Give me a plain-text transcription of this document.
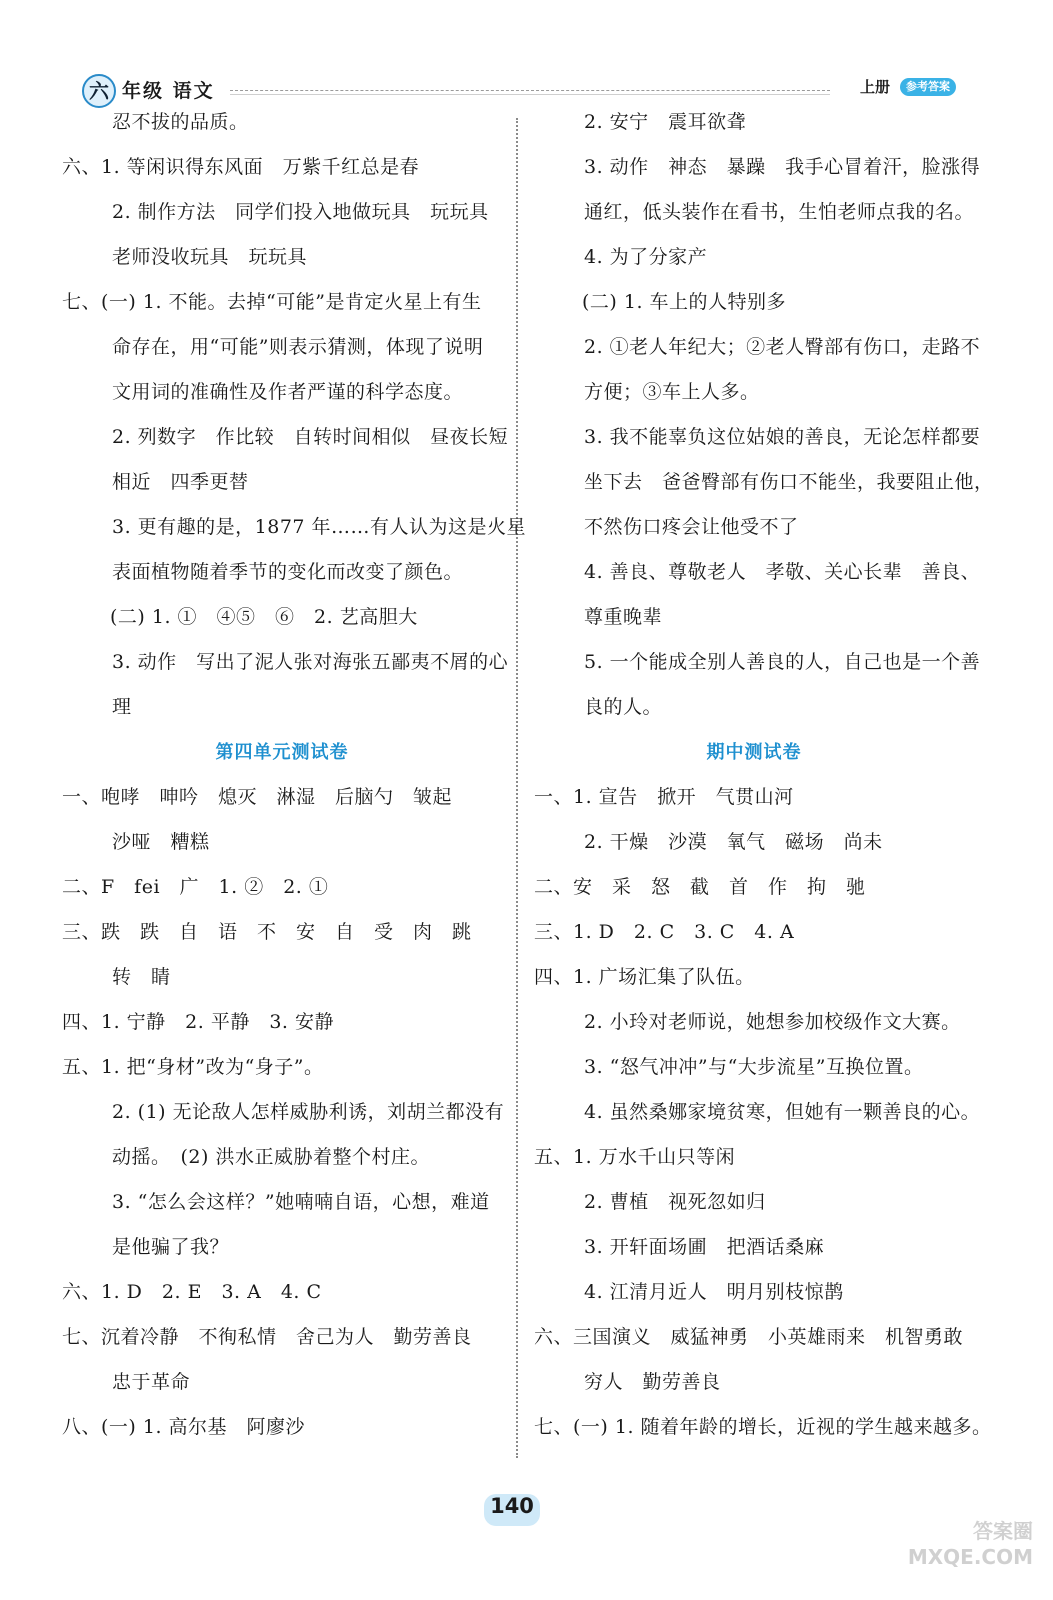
六 年级 语文	上册	参考答案
忍不拔的品质。
六、1. 等闲识得东风面　万紫千红总是春
2. 制作方法　同学们投入地做玩具　玩玩具
老师没收玩具　玩玩具
七、(一) 1. 不能。去掉“可能”是肯定火星上有生
命存在，用“可能”则表示猜测，体现了说明
文用词的准确性及作者严谨的科学态度。
2. 列数字　作比较　自转时间相似　昼夜长短
相近　四季更替
3. 更有趣的是，1877 年……有人认为这是火星
表面植物随着季节的变化而改变了颜色。
(二) 1. ①　④⑤　⑥　2. 艺高胆大
3. 动作　写出了泥人张对海张五鄙夷不屑的心
理
第四单元测试卷
一、咆哮　呻吟　熄灭　淋湿　后脑勺　皱起
沙哑　糟糕
二、F　fei　广　1. ②　2. ①
三、跌　跌　自　语　不　安　自　受　肉　跳
转　睛
四、1. 宁静　2. 平静　3. 安静
五、1. 把“身材”改为“身子”。
2. (1) 无论敌人怎样威胁利诱，刘胡兰都没有
动摇。　(2) 洪水正威胁着整个村庄。
3. “怎么会这样？”她喃喃自语，心想，难道
是他骗了我？
六、1. D　2. E　3. A　4. C
七、沉着冷静　不徇私情　舍己为人　勤劳善良
忠于革命
八、(一) 1. 高尔基　阿廖沙
2. 安宁　震耳欲聋
3. 动作　神态　暴躁　我手心冒着汗，脸涨得
通红，低头装作在看书，生怕老师点我的名。
4. 为了分家产
(二) 1. 车上的人特别多
2. ①老人年纪大；②老人臀部有伤口，走路不
方便；③车上人多。
3. 我不能辜负这位姑娘的善良，无论怎样都要
坐下去　爸爸臀部有伤口不能坐，我要阻止他，
不然伤口疼会让他受不了
4. 善良、尊敬老人　孝敬、关心长辈　善良、
尊重晚辈
5. 一个能成全别人善良的人，自己也是一个善
良的人。
期中测试卷
一、1. 宣告　掀开　气贯山河
2. 干燥　沙漠　氧气　磁场　尚未
二、安　采　怒　截　首　作　拘　驰
三、1. D　2. C　3. C　4. A
四、1. 广场汇集了队伍。
2. 小玲对老师说，她想参加校级作文大赛。
3. “怒气冲冲”与“大步流星”互换位置。
4. 虽然桑娜家境贫寒，但她有一颗善良的心。
五、1. 万水千山只等闲
2. 曹植　视死忽如归
3. 开轩面场圃　把酒话桑麻
4. 江清月近人　明月别枝惊鹊
六、三国演义　威猛神勇　小英雄雨来　机智勇敢
穷人　勤劳善良
七、(一) 1. 随着年龄的增长，近视的学生越来越多。
140
答案圈
MXQE.COM
